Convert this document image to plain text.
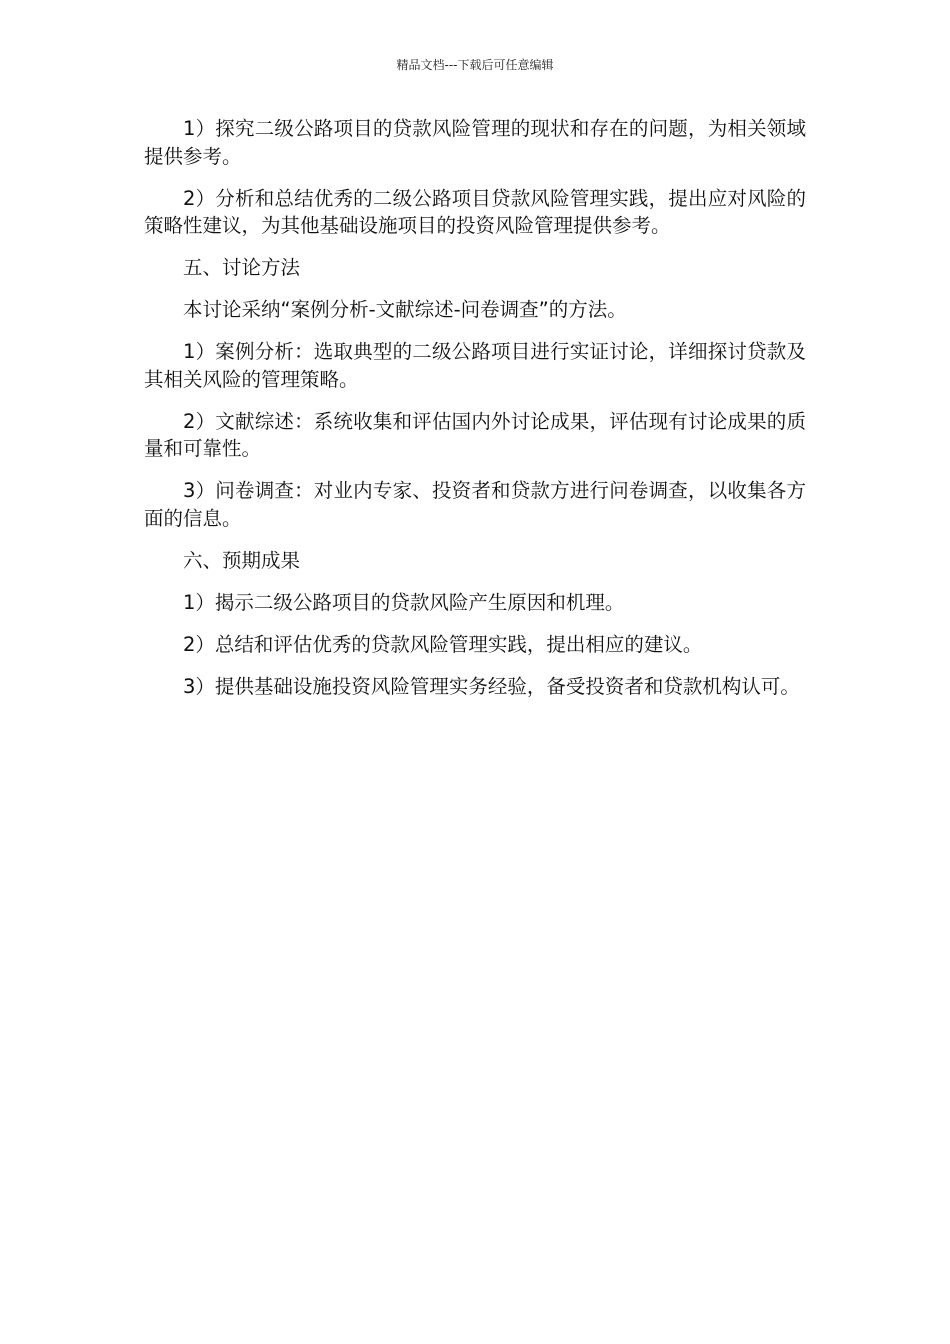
精品文档---下载后可任意编辑

1）探究二级公路项目的贷款风险管理的现状和存在的问题，为相关领域提供参考。

2）分析和总结优秀的二级公路项目贷款风险管理实践，提出应对风险的策略性建议，为其他基础设施项目的投资风险管理提供参考。

五、讨论方法

本讨论采纳“案例分析-文献综述-问卷调查”的方法。

1）案例分析：选取典型的二级公路项目进行实证讨论，详细探讨贷款及其相关风险的管理策略。

2）文献综述：系统收集和评估国内外讨论成果，评估现有讨论成果的质量和可靠性。

3）问卷调查：对业内专家、投资者和贷款方进行问卷调查，以收集各方面的信息。

六、预期成果

1）揭示二级公路项目的贷款风险产生原因和机理。

2）总结和评估优秀的贷款风险管理实践，提出相应的建议。

3）提供基础设施投资风险管理实务经验，备受投资者和贷款机构认可。
